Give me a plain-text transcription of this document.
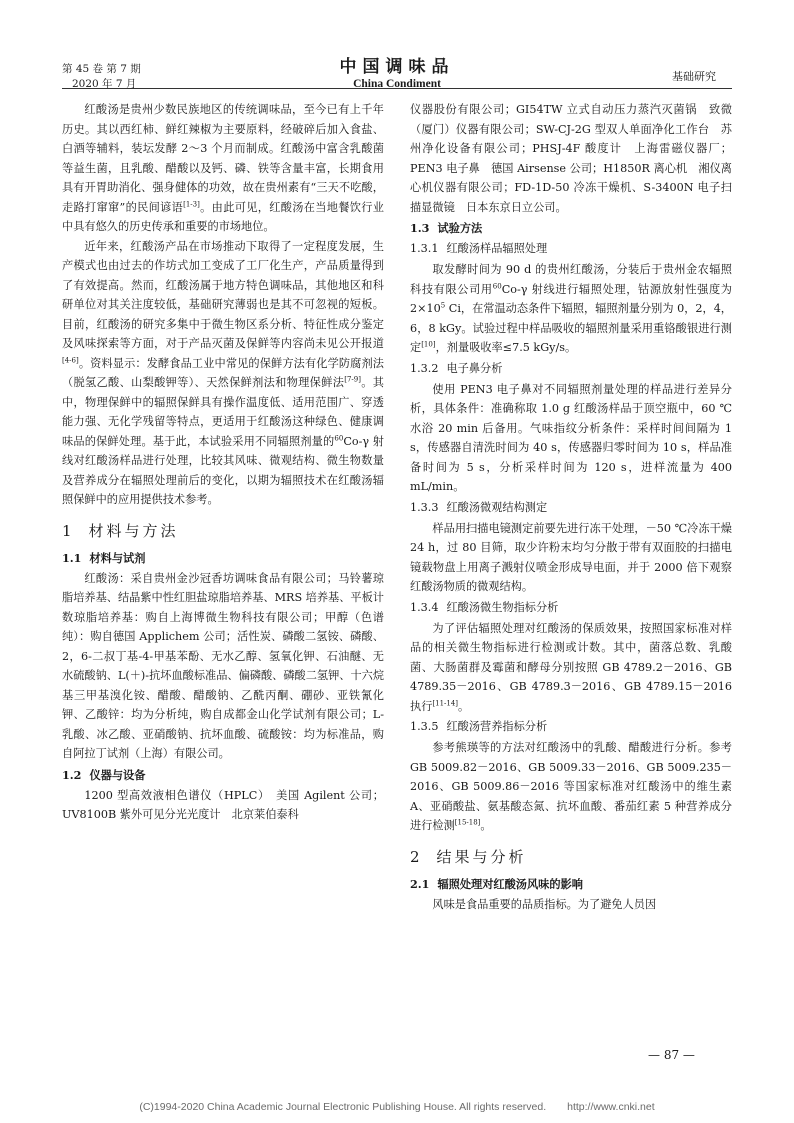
第 45 卷 第 7 期
2020 年 7 月
中国调味品
China Condiment
基础研究

红酸汤是贵州少数民族地区的传统调味品，至今已有上千年历史。其以西红柿、鲜红辣椒为主要原料，经破碎后加入食盐、白酒等辅料，装坛发酵 2～3 个月而制成。红酸汤中富含乳酸菌等益生菌，且乳酸、醋酸以及钙、磷、铁等含量丰富，长期食用具有开胃助消化、强身健体的功效，故在贵州素有“三天不吃酸，走路打窜窜”的民间谚语[1-3]。由此可见，红酸汤在当地餐饮行业中具有悠久的历史传承和重要的市场地位。

近年来，红酸汤产品在市场推动下取得了一定程度发展，生产模式也由过去的作坊式加工变成了工厂化生产，产品质量得到了有效提高。然而，红酸汤属于地方特色调味品，其他地区和科研单位对其关注度较低，基础研究薄弱也是其不可忽视的短板。目前，红酸汤的研究多集中于微生物区系分析、特征性成分鉴定及风味探索等方面，对于产品灭菌及保鲜等内容尚未见公开报道[4-6]。资料显示：发酵食品工业中常见的保鲜方法有化学防腐剂法（脱氢乙酸、山梨酸钾等）、天然保鲜剂法和物理保鲜法[7-9]。其中，物理保鲜中的辐照保鲜具有操作温度低、适用范围广、穿透能力强、无化学残留等特点，更适用于红酸汤这种绿色、健康调味品的保鲜处理。基于此，本试验采用不同辐照剂量的$^{60}$Co-γ 射线对红酸汤样品进行处理，比较其风味、微观结构、微生物数量及营养成分在辐照处理前后的变化，以期为辐照技术在红酸汤辐照保鲜中的应用提供技术参考。

1 材料与方法
1.1 材料与试剂

红酸汤：采自贵州金沙冠香坊调味食品有限公司；马铃薯琼脂培养基、结晶紫中性红胆盐琼脂培养基、MRS 培养基、平板计数琼脂培养基：购自上海博微生物科技有限公司；甲醇（色谱纯）：购自德国 Applichem 公司；活性炭、磷酸二氢铵、磷酸、2，6-二叔丁基-4-甲基苯酚、无水乙醇、氢氧化钾、石油醚、无水硫酸钠、L(＋)-抗坏血酸标准品、偏磷酸、磷酸二氢钾、十六烷基三甲基溴化铵、醋酸、醋酸钠、乙酰丙酮、硼砂、亚铁氰化钾、乙酸锌：均为分析纯，购自成都金山化学试剂有限公司；L-乳酸、冰乙酸、亚硝酸钠、抗坏血酸、硫酸铵：均为标准品，购自阿拉丁试剂（上海）有限公司。

1.2 仪器与设备

1200 型高效液相色谱仪（HPLC）　美国 Agilent 公司；UV8100B 紫外可见分光光度计　北京莱伯泰科

仪器股份有限公司；GI54TW 立式自动压力蒸汽灭菌锅　致微（厦门）仪器有限公司；SW-CJ-2G 型双人单面净化工作台　苏州净化设备有限公司；PHSJ-4F 酸度计　上海雷磁仪器厂；PEN3 电子鼻　德国 Airsense 公司；H1850R 离心机　湘仪离心机仪器有限公司；FD-1D-50 冷冻干燥机、S-3400N 电子扫描显微镜　日本东京日立公司。

1.3 试验方法
1.3.1 红酸汤样品辐照处理

取发酵时间为 90 d 的贵州红酸汤，分装后于贵州金农辐照科技有限公司用$^{60}$Co-γ 射线进行辐照处理，钴源放射性强度为 $2\times 10^5$ Ci，在常温动态条件下辐照，辐照剂量分别为 0，2，4，6，8 kGy。试验过程中样品吸收的辐照剂量采用重铬酸银进行测定[10]，剂量吸收率≤7.5 kGy/s。

1.3.2 电子鼻分析

使用 PEN3 电子鼻对不同辐照剂量处理的样品进行差异分析，具体条件：准确称取 1.0 g 红酸汤样品于顶空瓶中，60 ℃水浴 20 min 后备用。气味指纹分析条件：采样时间间隔为 1 s，传感器自清洗时间为 40 s，传感器归零时间为 10 s，样品准备时间为 5 s，分析采样时间为 120 s，进样流量为 400 mL/min。

1.3.3 红酸汤微观结构测定

样品用扫描电镜测定前要先进行冻干处理，－50 ℃冷冻干燥 24 h，过 80 目筛，取少许粉末均匀分散于带有双面胶的扫描电镜载物盘上用离子溅射仪喷金形成导电面，并于 2000 倍下观察红酸汤物质的微观结构。

1.3.4 红酸汤微生物指标分析

为了评估辐照处理对红酸汤的保质效果，按照国家标准对样品的相关微生物指标进行检测或计数。其中，菌落总数、乳酸菌、大肠菌群及霉菌和酵母分别按照 GB 4789.2－2016、GB 4789.35－2016、GB 4789.3－2016、GB 4789.15－2016 执行[11-14]。

1.3.5 红酸汤营养指标分析

参考熊瑛等的方法对红酸汤中的乳酸、醋酸进行分析。参考 GB 5009.82－2016、GB 5009.33－2016、GB 5009.235－2016、GB 5009.86－2016 等国家标准对红酸汤中的维生素 A、亚硝酸盐、氨基酸态氮、抗坏血酸、番茄红素 5 种营养成分进行检测[15-18]。

2 结果与分析
2.1 辐照处理对红酸汤风味的影响

风味是食品重要的品质指标。为了避免人员因

— 87 —
(C)1994-2020 China Academic Journal Electronic Publishing House. All rights reserved.　　http://www.cnki.net
